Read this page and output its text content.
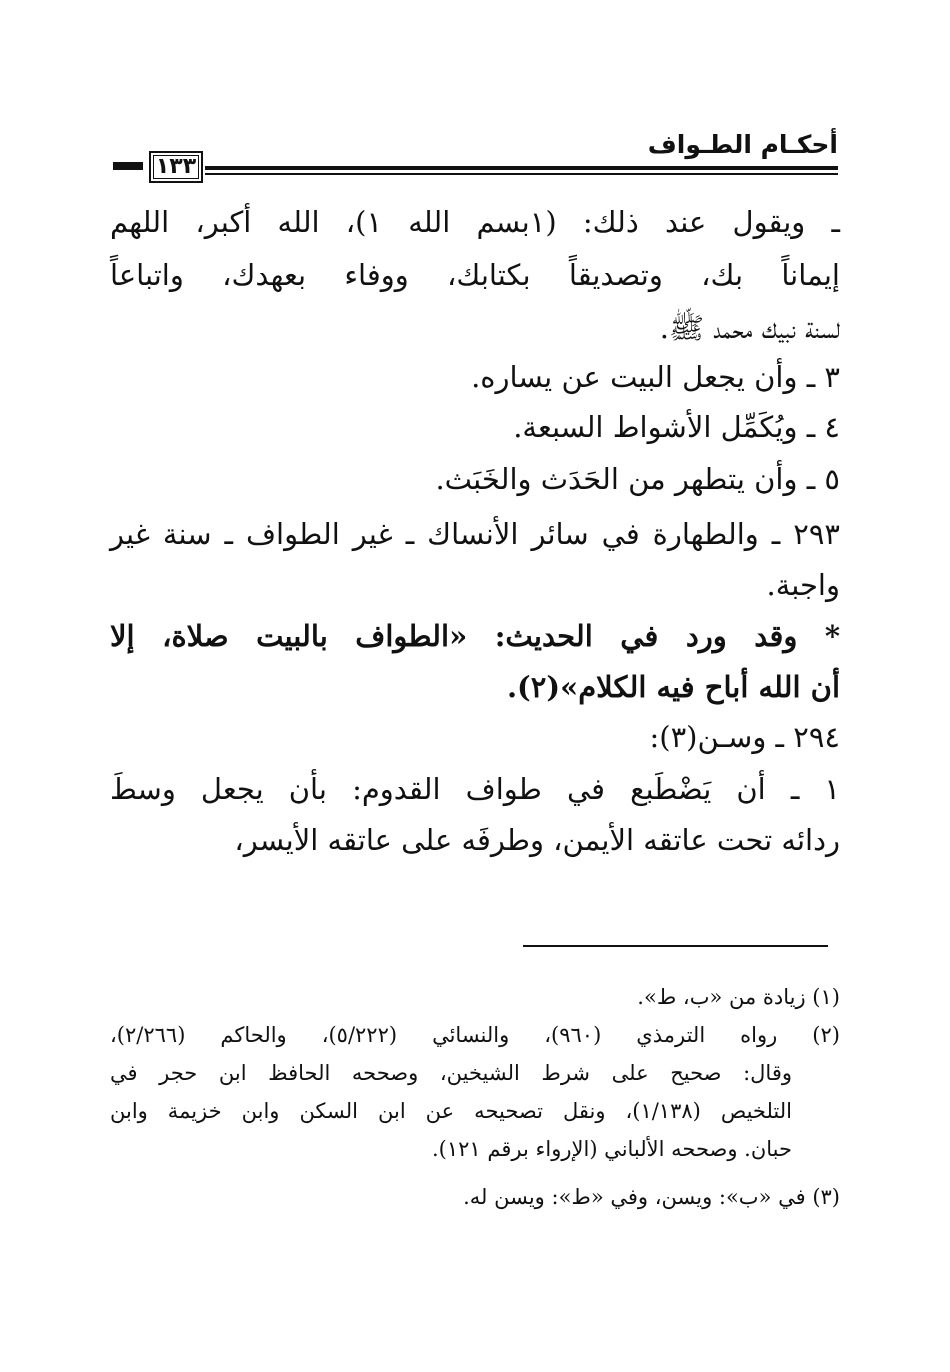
أحكـام الطـواف
١٣٣
ـ ويقول عند ذلك: (١بسم الله ١)، الله أكبر، اللهم
إيماناً بك، وتصديقاً بكتابك، ووفاء بعهدك، واتباعاً
لسنة نبيك محمد ﷺ.
٣ ـ وأن يجعل البيت عن يساره.
٤ ـ ويُكَمِّل الأشواط السبعة.
٥ ـ وأن يتطهر من الحَدَث والخَبَث.
٢٩٣ ـ والطهارة في سائر الأنساك ـ غير الطواف ـ سنة غير
واجبة.
* وقد ورد في الحديث: «الطواف بالبيت صلاة، إلا
أن الله أباح فيه الكلام»(٢).
٢٩٤ ـ وسـن(٣):
١ ـ أن يَضْطَبع في طواف القدوم: بأن يجعل وسطَ
ردائه تحت عاتقه الأيمن، وطرفَه على عاتقه الأيسر،
(١) زيادة من «ب، ط».
(٢) رواه الترمذي (٩٦٠)، والنسائي (٥/٢٢٢)، والحاكم (٢/٢٦٦)،
وقال: صحيح على شرط الشيخين، وصححه الحافظ ابن حجر في
التلخيص (١/١٣٨)، ونقل تصحيحه عن ابن السكن وابن خزيمة وابن
حبان. وصححه الألباني (الإرواء برقم ١٢١).
(٣) في «ب»: ويسن، وفي «ط»: ويسن له.
